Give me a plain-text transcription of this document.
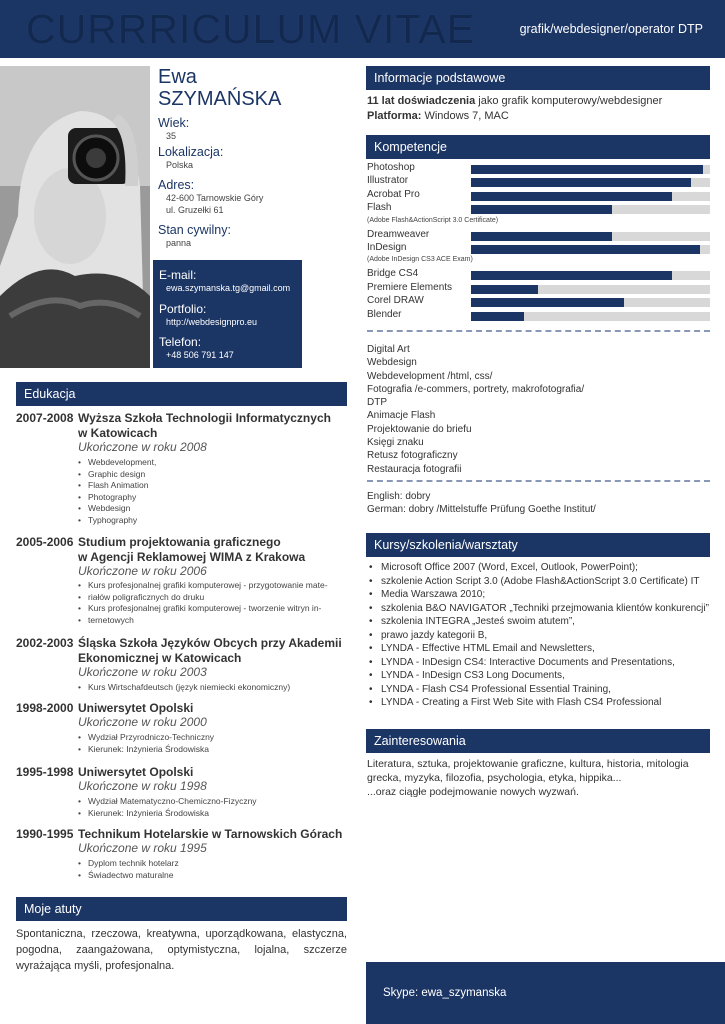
CURRRICULUM VITAE	grafik/webdesigner/operator DTP
Ewa
SZYMAŃSKA
Wiek:
35
Lokalizacja:
Polska
Adres:
42-600 Tarnowskie Góry
ul. Gruzełki 61
Stan cywilny:
panna
E-mail:
ewa.szymanska.tg@gmail.com
Portfolio:
http://webdesignpro.eu
Telefon:
+48 506 791 147
Edukacja
2007-2008 Wyższa Szkoła Technologii Informatycznych
w Katowicach
Ukończone w roku 2008
• Webdevelopment,
• Graphic design
• Flash Animation
• Photography
• Webdesign
• Typhography
2005-2006 Studium projektowania graficznego
w Agencji Reklamowej WIMA z Krakowa
Ukończone w roku 2006
• Kurs profesjonalnej grafiki komputerowej - przygotowanie mate-
• riałów poligraficznych do druku
• Kurs profesjonalnej grafiki komputerowej - tworzenie witryn in-
• ternetowych
2002-2003 Śląska Szkoła Języków Obcych przy Akademii
Ekonomicznej w Katowicach
Ukończone w roku 2003
• Kurs Wirtschafdeutsch (język niemiecki ekonomiczny)
1998-2000 Uniwersytet Opolski
Ukończone w roku 2000
• Wydział Przyrodniczo-Techniczny
• Kierunek: Inżynieria Środowiska
1995-1998 Uniwersytet Opolski
Ukończone w roku 1998
• Wydział Matematyczno-Chemiczno-Fizyczny
• Kierunek: Inżynieria Środowiska
1990-1995 Technikum Hotelarskie w Tarnowskich Górach
Ukończone w roku 1995
• Dyplom technik hotelarz
• Świadectwo maturalne
Moje atuty
Spontaniczna, rzeczowa, kreatywna, uporządkowana, elastyczna,
pogodna, zaangażowana, optymistyczna, lojalna, szczerze
wyrażająca myśli, profesjonalna.
Informacje podstawowe
11 lat doświadczenia jako grafik komputerowy/webdesigner
Platforma: Windows 7, MAC
Kompetencje
Photoshop
Illustrator
Acrobat Pro
Flash
(Adobe Flash&ActionScript 3.0 Certificate)
Dreamweaver
InDesign
(Adobe InDesign CS3 ACE Exam)
Bridge CS4
Premiere Elements
Corel DRAW
Blender
Digital Art
Webdesign
Webdevelopment /html, css/
Fotografia /e-commers, portrety, makrofotografia/
DTP
Animacje Flash
Projektowanie do briefu
Księgi znaku
Retusz fotograficzny
Restauracja fotografii
English: dobry
German: dobry /Mittelstuffe Prüfung Goethe Institut/
Kursy/szkolenia/warsztaty
• Microsoft Office 2007 (Word, Excel, Outlook, PowerPoint);
• szkolenie Action Script 3.0 (Adobe Flash&ActionScript 3.0 Certificate) IT
• Media Warszawa 2010;
• szkolenia B&O NAVIGATOR „Techniki przejmowania klientów konkurencji”
• szkolenia INTEGRA „Jesteś swoim atutem”,
• prawo jazdy kategorii B,
• LYNDA - Effective HTML Email and Newsletters,
• LYNDA - InDesign CS4: Interactive Documents and Presentations,
• LYNDA - InDesign CS3 Long Documents,
• LYNDA - Flash CS4 Professional Essential Training,
• LYNDA - Creating a First Web Site with Flash CS4 Professional
Zainteresowania
Literatura, sztuka, projektowanie graficzne, kultura, historia, mitologia
grecka, myzyka, filozofia, psychologia, etyka, hippika...
...oraz ciągłe podejmowanie nowych wyzwań.
Skype: ewa_szymanska
